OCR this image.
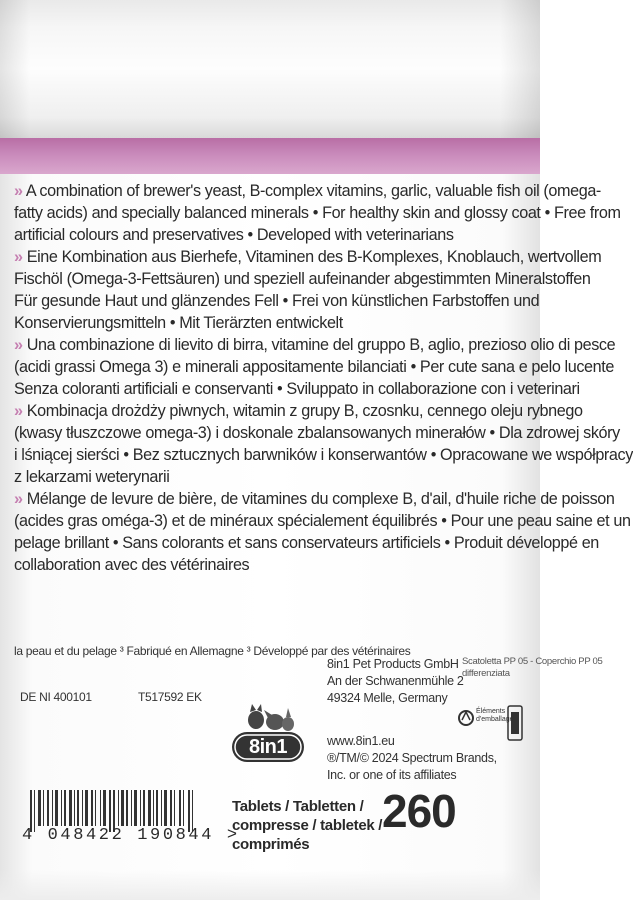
» A combination of brewer's yeast, B-complex vitamins, garlic, valuable fish oil (omega-

fatty acids) and specially balanced minerals • For healthy skin and glossy coat • Free from

artificial colours and preservatives • Developed with veterinarians

» Eine Kombination aus Bierhefe, Vitaminen des B-Komplexes, Knoblauch, wertvollem

Fischöl (Omega-3-Fettsäuren) und speziell aufeinander abgestimmten Mineralstoffen

Für gesunde Haut und glänzendes Fell • Frei von künstlichen Farbstoffen und

Konservierungsmitteln • Mit Tierärzten entwickelt

» Una combinazione di lievito di birra, vitamine del gruppo B, aglio, prezioso olio di pesce

(acidi grassi Omega 3) e minerali appositamente bilanciati • Per cute sana e pelo lucente

Senza coloranti artificiali e conservanti • Sviluppato in collaborazione con i veterinari

» Kombinacja drożdży piwnych, witamin z grupy B, czosnku, cennego oleju rybnego

(kwasy tłuszczowe omega-3) i doskonale zbalansowanych minerałów • Dla zdrowej skóry

i lśniącej sierści • Bez sztucznych barwników i konserwantów • Opracowane we współpracy

z lekarzami weterynarii

» Mélange de levure de bière, de vitamines du complexe B, d'ail, d'huile riche de poisson

(acides gras oméga-3) et de minéraux spécialement équilibrés • Pour une peau saine et un

pelage brillant • Sans colorants et sans conservateurs artificiels • Produit développé en

collaboration avec des vétérinaires

la peau et du pelage ³ Fabriqué en Allemagne ³ Développé par des vétérinaires
DE NI 400101	T517592 EK
8in1 Pet Products GmbH
An der Schwanenmühle 2
49324 Melle, Germany
www.8in1.eu
®/TM/© 2024 Spectrum Brands,
Inc. or one of its affiliates
Scatoletta PP 05 - Coperchio PP 05
differenziata
8in1
Éléments d'emballage
4 048422 190844 >
Tablets / Tabletten /
compresse / tabletek /
comprimés
260
